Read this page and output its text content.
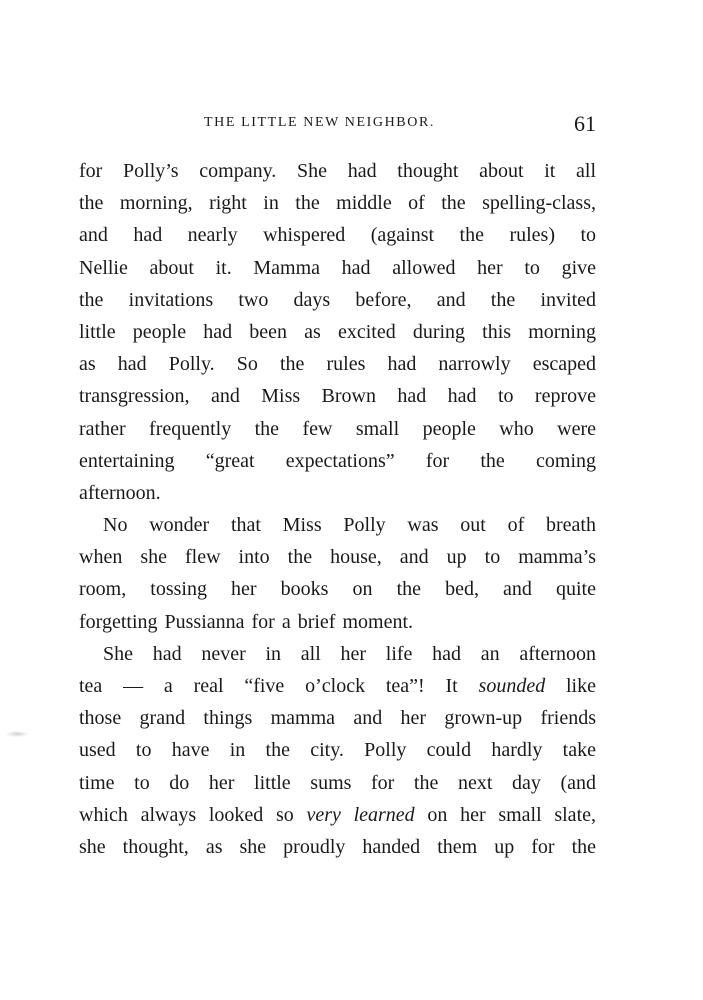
THE LITTLE NEW NEIGHBOR.	61

for Polly’s company. She had thought about it all
the morning, right in the middle of the spelling-class,
and had nearly whispered (against the rules) to
Nellie about it. Mamma had allowed her to give
the invitations two days before, and the invited
little people had been as excited during this morning
as had Polly. So the rules had narrowly escaped
transgression, and Miss Brown had had to reprove
rather frequently the few small people who were
entertaining “great expectations” for the coming
afternoon.

No wonder that Miss Polly was out of breath
when she flew into the house, and up to mamma’s
room, tossing her books on the bed, and quite
forgetting Pussianna for a brief moment.

She had never in all her life had an afternoon
tea — a real “five o’clock tea”! It sounded like
those grand things mamma and her grown-up friends
used to have in the city. Polly could hardly take
time to do her little sums for the next day (and
which always looked so very learned on her small slate,
she thought, as she proudly handed them up for the
